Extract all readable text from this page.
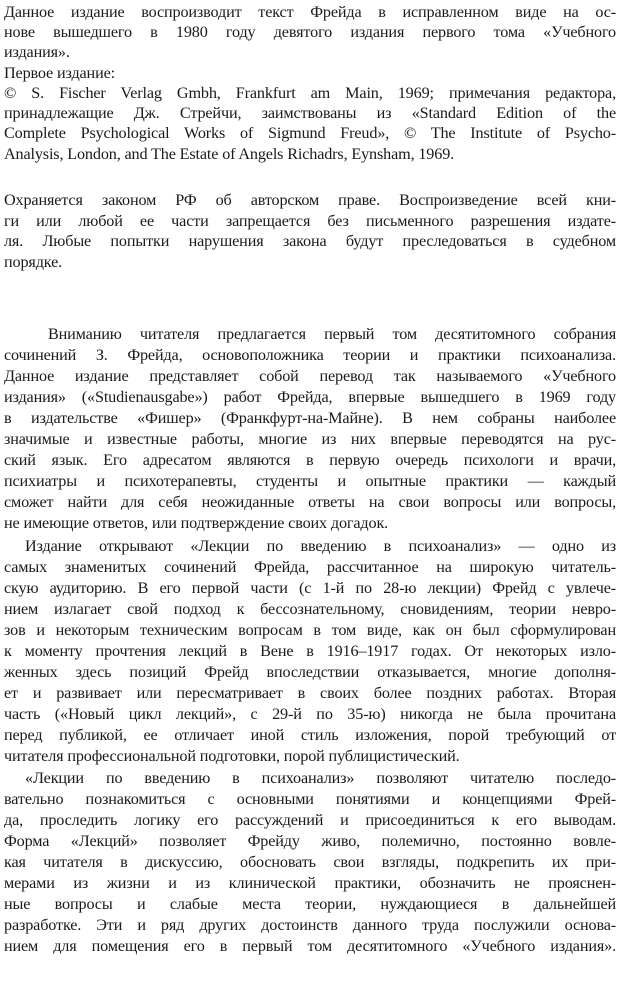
Данное издание воспроизводит текст Фрейда в исправленном виде на ос-
нове вышедшего в 1980 году девятого издания первого тома «Учебного
издания».
Первое издание:
© S. Fischer Verlag Gmbh, Frankfurt am Main, 1969; примечания редактора,
принадлежащие Дж. Стрейчи, заимствованы из «Standard Edition of the
Complete Psychological Works of Sigmund Freud», © The Institute of Psycho-
Analysis, London, and The Estate of Angels Richadrs, Eynsham, 1969.
Охраняется законом РФ об авторском праве. Воспроизведение всей кни-
ги или любой ее части запрещается без письменного разрешения издате-
ля. Любые попытки нарушения закона будут преследоваться в судебном
порядке.
Вниманию читателя предлагается первый том десятитомного собрания
сочинений З. Фрейда, основоположника теории и практики психоанализа.
Данное издание представляет собой перевод так называемого «Учебного
издания» («Studienausgabe») работ Фрейда, впервые вышедшего в 1969 году
в издательстве «Фишер» (Франкфурт-на-Майне). В нем собраны наиболее
значимые и известные работы, многие из них впервые переводятся на рус-
ский язык. Его адресатом являются в первую очередь психологи и врачи,
психиатры и психотерапевты, студенты и опытные практики — каждый
сможет найти для себя неожиданные ответы на свои вопросы или вопросы,
не имеющие ответов, или подтверждение своих догадок.
Издание открывают «Лекции по введению в психоанализ» — одно из
самых знаменитых сочинений Фрейда, рассчитанное на широкую читатель-
скую аудиторию. В его первой части (с 1-й по 28-ю лекции) Фрейд с увлече-
нием излагает свой подход к бессознательному, сновидениям, теории невро-
зов и некоторым техническим вопросам в том виде, как он был сформулирован
к моменту прочтения лекций в Вене в 1916–1917 годах. От некоторых изло-
женных здесь позиций Фрейд впоследствии отказывается, многие дополня-
ет и развивает или пересматривает в своих более поздних работах. Вторая
часть («Новый цикл лекций», с 29-й по 35-ю) никогда не была прочитана
перед публикой, ее отличает иной стиль изложения, порой требующий от
читателя профессиональной подготовки, порой публицистический.
«Лекции по введению в психоанализ» позволяют читателю последо-
вательно познакомиться с основными понятиями и концепциями Фрей-
да, проследить логику его рассуждений и присоединиться к его выводам.
Форма «Лекций» позволяет Фрейду живо, полемично, постоянно вовле-
кая читателя в дискуссию, обосновать свои взгляды, подкрепить их при-
мерами из жизни и из клинической практики, обозначить не прояснен-
ные вопросы и слабые места теории, нуждающиеся в дальнейшей
разработке. Эти и ряд других достоинств данного труда послужили основа-
нием для помещения его в первый том десятитомного «Учебного издания».
